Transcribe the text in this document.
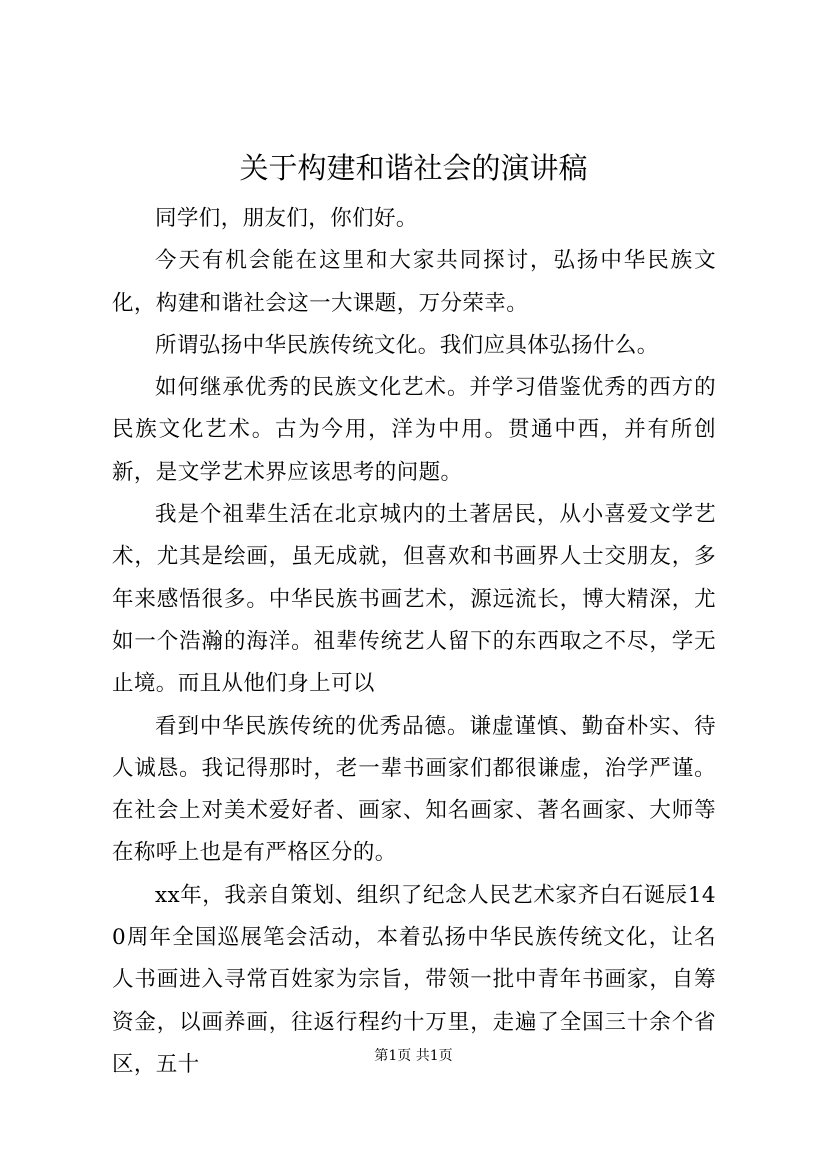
关于构建和谐社会的演讲稿

同学们，朋友们，你们好。

今天有机会能在这里和大家共同探讨，弘扬中华民族文化，构建和谐社会这一大课题，万分荣幸。

所谓弘扬中华民族传统文化。我们应具体弘扬什么。

如何继承优秀的民族文化艺术。并学习借鉴优秀的西方的民族文化艺术。古为今用，洋为中用。贯通中西，并有所创新，是文学艺术界应该思考的问题。

我是个祖辈生活在北京城内的土著居民，从小喜爱文学艺术，尤其是绘画，虽无成就，但喜欢和书画界人士交朋友，多年来感悟很多。中华民族书画艺术，源远流长，博大精深，尤如一个浩瀚的海洋。祖辈传统艺人留下的东西取之不尽，学无止境。而且从他们身上可以

看到中华民族传统的优秀品德。谦虚谨慎、勤奋朴实、待人诚恳。我记得那时，老一辈书画家们都很谦虚，治学严谨。在社会上对美术爱好者、画家、知名画家、著名画家、大师等在称呼上也是有严格区分的。

xx年，我亲自策划、组织了纪念人民艺术家齐白石诞辰140周年全国巡展笔会活动，本着弘扬中华民族传统文化，让名人书画进入寻常百姓家为宗旨，带领一批中青年书画家，自筹资金，以画养画，往返行程约十万里，走遍了全国三十余个省区，五十	第1页 共1页
